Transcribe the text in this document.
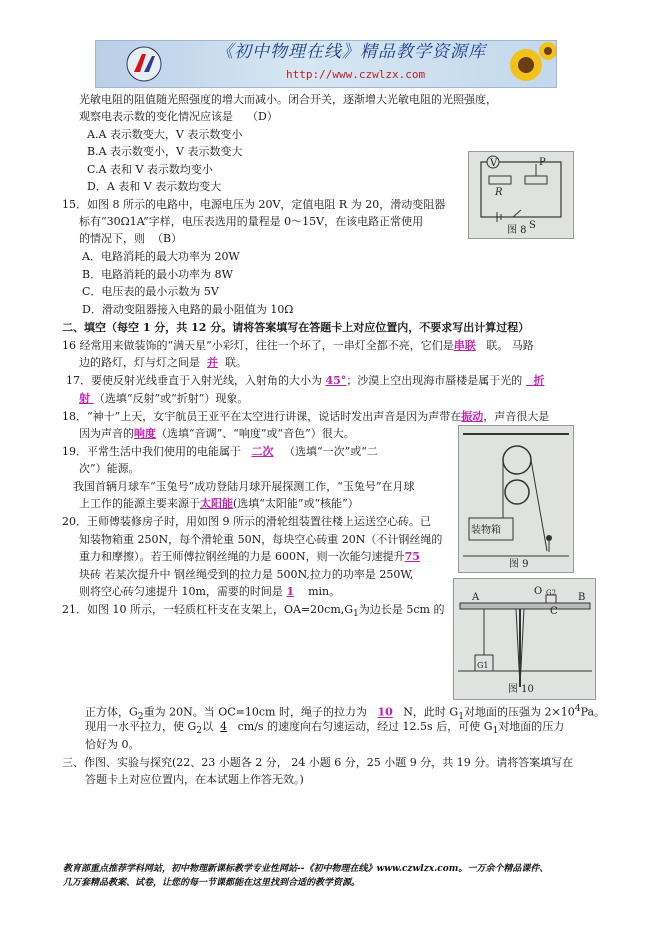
《初中物理在线》精品教学资源库
http://www.czwlzx.com
光敏电阻的阻值随光照强度的增大而减小。闭合开关，逐渐增大光敏电阻的光照强度，
观察电表示数的变化情况应该是 （D）
A.A 表示数变大，V 表示数变小
B.A 表示数变小，V 表示数变大
C.A 表和 V 表示数均变小
D．A 表和 V 表示数均变大
V	P
R
S
图 8
15．如图 8 所示的电路中，电源电压为 20V，定值电阻 R 为 20，滑动变阻器
标有“30Ω1A”字样，电压表选用的量程是 0～15V，在该电路正常使用
的情况下，则 （B）
A．电路消耗的最大功率为 20W
B．电路消耗的最小功率为 8W
C．电压表的最小示数为 5V
D．滑动变阻器接入电路的最小阻值为 10Ω
二、填空（每空 1 分，共 12 分。请将答案填写在答题卡上对应位置内，不要求写出计算过程）
16 经常用来做装饰的“满天星”小彩灯，往往一个坏了，一串灯全都不亮，它们是串联 联。 马路
边的路灯，灯与灯之间是 并 联。
17．要使反射光线垂直于入射光线，入射角的大小为 45°；沙漠上空出现海市蜃楼是属于光的   折
射 （选填“反射”或“折射”）现象。
18．“神十”上天，女宇航员王亚平在太空进行讲课，说话时发出声音是因为声带在振动，声音很大是
因为声音的响度（选填“音调”、“响度”或“音色”）很大。
19．平常生活中我们使用的电能属于 二次 （选填“一次”或“二
次”）能源。
我国首辆月球车“玉兔号”成功登陆月球开展探测工作，“玉兔号”在月球
上工作的能源主要来源于太阳能(选填“太阳能”或“核能”）
装物箱
图 9
20．王师傅装修房子时，用如图 9 所示的滑轮组装置往楼上运送空心砖。已
知装物箱重 250N，每个滑轮重 50N，每块空心砖重 20N（不计钢丝绳的
重力和摩擦）。若王师傅拉钢丝绳的力是 600N，则一次能匀速提升75
块砖 若某次提升中 钢丝绳受到的拉力是 500N,拉力的功率是 250W,
则将空心砖匀速提升 10m，需要的时间是 1 min。
21．如图 10 所示，一轻质杠杆支在支架上，$OA=20cm,G_1$为边长是 5cm 的
O
A
C
B
G1
G2
图 10
正方体，$G_2$重为 20N。当 OC=10cm 时，绳子的拉力为 10 N，此时 $G_1$对地面的压强为 $2\times 10^4Pa$。
现用一水平拉力，使 $G_2$以 4 cm/s 的速度向右匀速运动，经过 12.5s 后，可使 $G_1$对地面的压力
恰好为 0。
三、作图、实验与探究(22、23 小题各 2 分， 24 小题 6 分，25 小题 9 分，共 19 分。请将答案填写在
答题卡上对应位置内，在本试题上作答无效。)
教育部重点推荐学科网站，初中物理新课标教学专业性网站--《初中物理在线》www.czwlzx.com。一万余个精品课件、
几万套精品教案、试卷，让您的每一节课都能在这里找到合适的教学资源。
